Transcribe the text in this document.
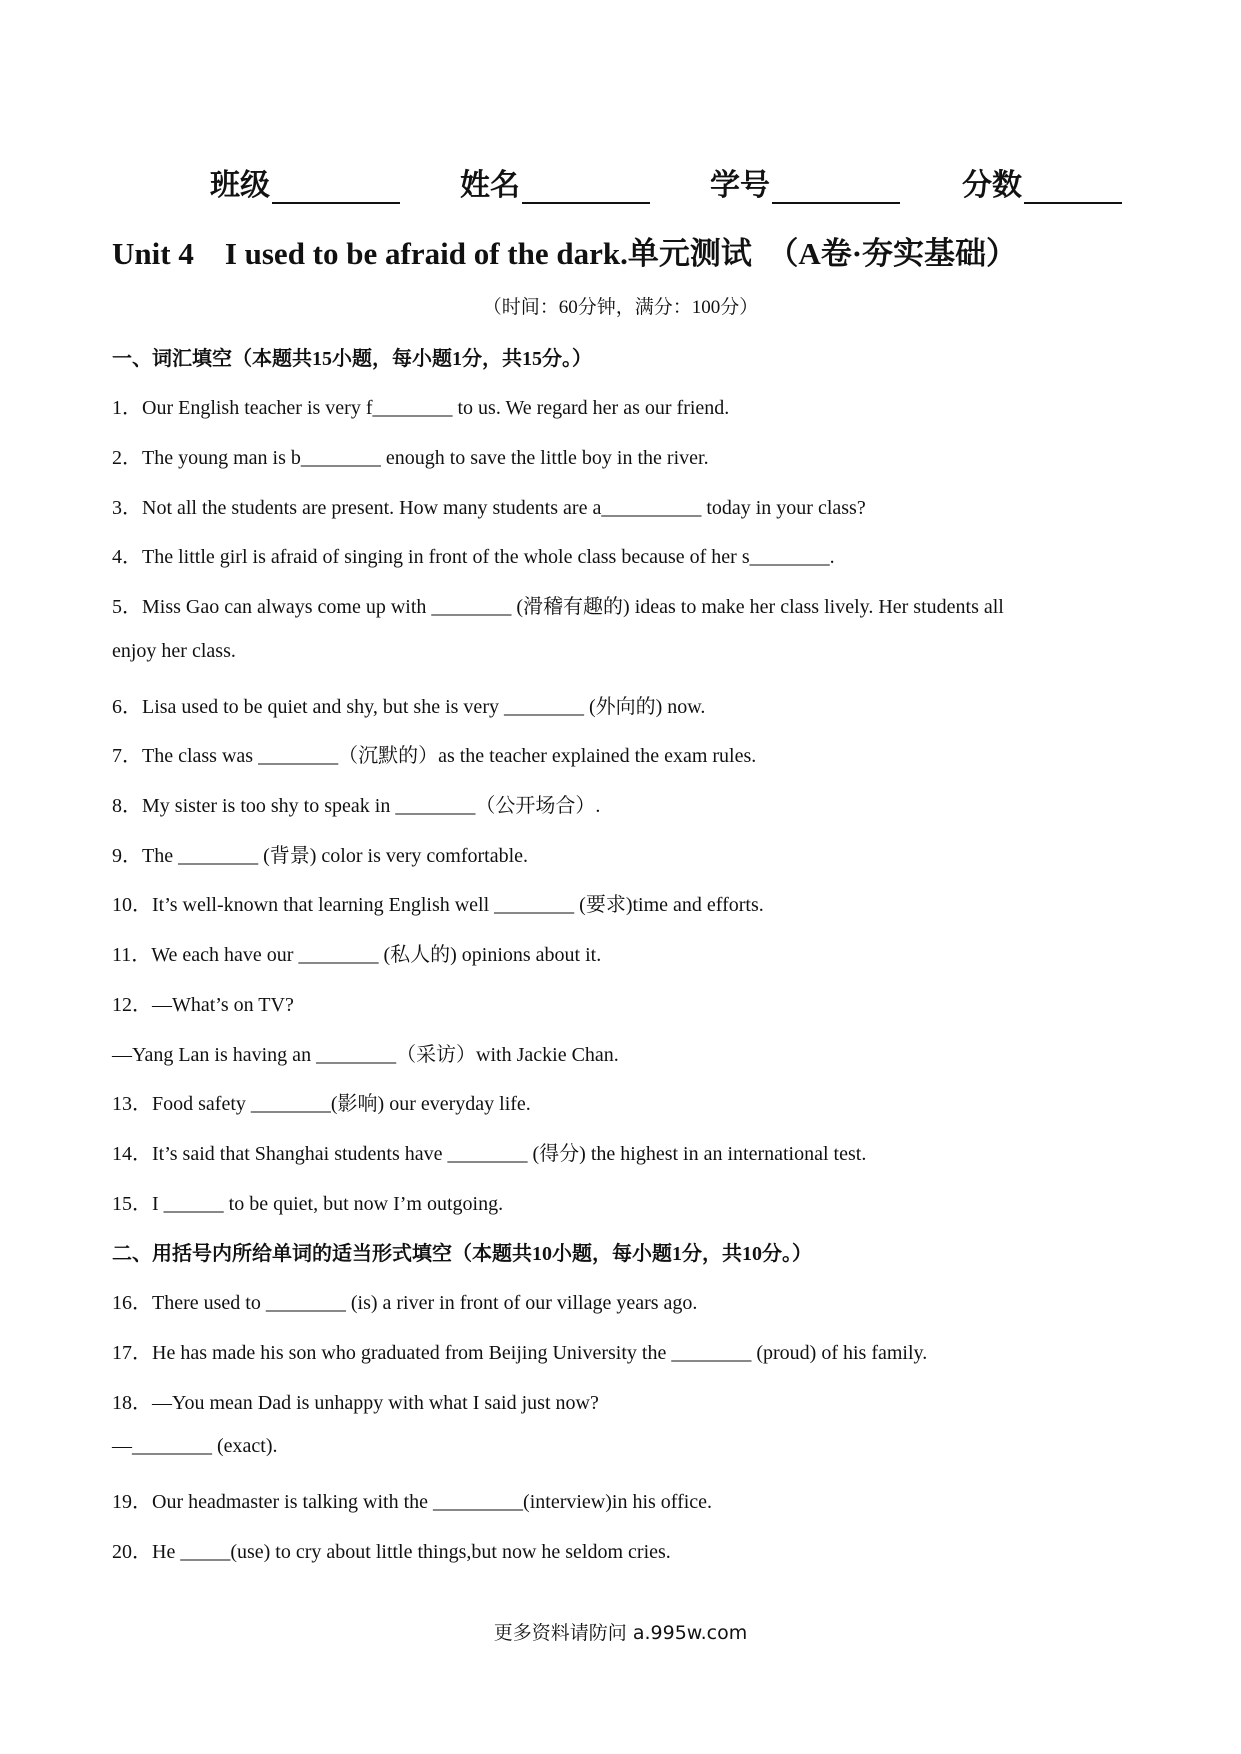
班级	姓名	学号	分数
Unit 4　I used to be afraid of the dark.单元测试　（A卷·夯实基础）
（时间：60分钟，满分：100分）
一、词汇填空（本题共15小题，每小题1分，共15分。）
1．Our English teacher is very f________ to us. We regard her as our friend.
2．The young man is b________ enough to save the little boy in the river.
3．Not all the students are present. How many students are a__________ today in your class?
4．The little girl is afraid of singing in front of the whole class because of her s________.
5．Miss Gao can always come up with ________ (滑稽有趣的) ideas to make her class lively. Her students all
enjoy her class.
6．Lisa used to be quiet and shy, but she is very ________ (外向的) now.
7．The class was ________（沉默的）as the teacher explained the exam rules.
8．My sister is too shy to speak in ________（公开场合）.
9．The ________ (背景) color is very comfortable.
10．It’s well-known that learning English well ________ (要求)time and efforts.
11．We each have our ________ (私人的) opinions about it.
12．—What’s on TV?
—Yang Lan is having an ________（采访）with Jackie Chan.
13．Food safety ________(影响) our everyday life.
14．It’s said that Shanghai students have ________ (得分) the highest in an international test.
15．I ______ to be quiet, but now I’m outgoing.
二、用括号内所给单词的适当形式填空（本题共10小题，每小题1分，共10分。）
16．There used to ________ (is) a river in front of our village years ago.
17．He has made his son who graduated from Beijing University the ________ (proud) of his family.
18．—You mean Dad is unhappy with what I said just now?
—________ (exact).
19．Our headmaster is talking with the _________(interview)in his office.
20．He _____(use) to cry about little things,but now he seldom cries.
更多资料请防问 a.995w.com
